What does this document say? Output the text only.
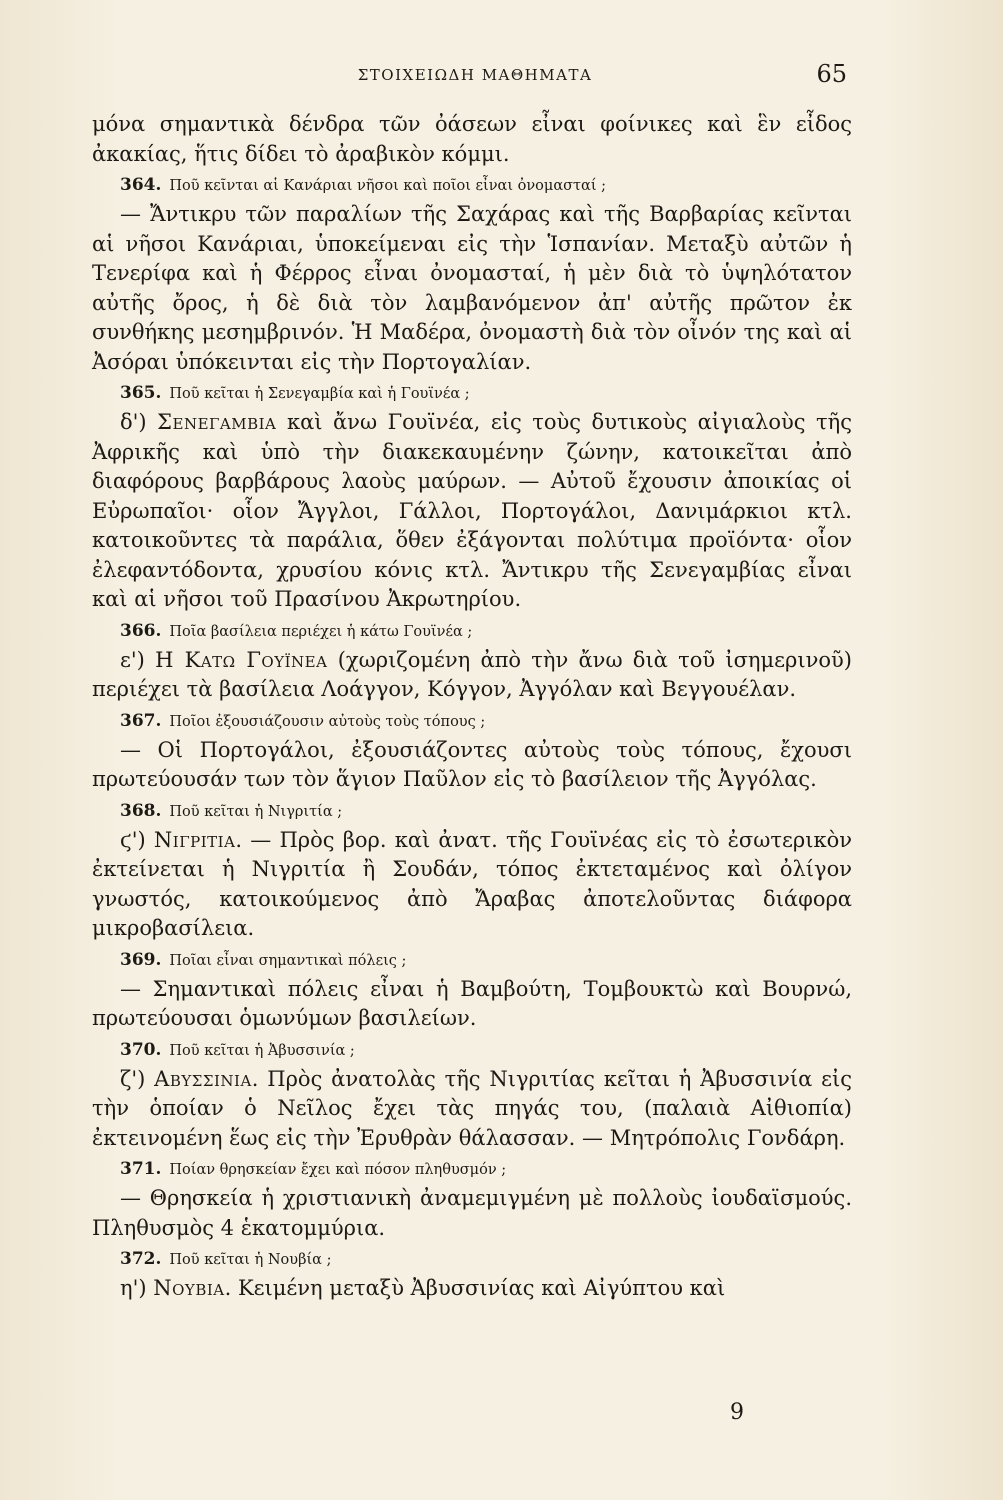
ΣΤΟΙΧΕΙΩΔΗ ΜΑΘΗΜΑΤΑ	65

μόνα σημαντικὰ δένδρα τῶν ὀάσεων εἶναι φοίνικες καὶ ἓν εἶδος ἀκακίας, ἥτις δίδει τὸ ἀραβικὸν κόμμι.

364. Ποῦ κεῖνται αἱ Κανάριαι νῆσοι καὶ ποῖοι εἶναι ὀνομασταί ;

— Ἄντικρυ τῶν παραλίων τῆς Σαχάρας καὶ τῆς Βαρβαρίας κεῖνται αἱ νῆσοι Κανάριαι, ὑποκείμεναι εἰς τὴν Ἱσπανίαν. Μεταξὺ αὐτῶν ἡ Τενερίφα καὶ ἡ Φέρρος εἶναι ὀνομασταί, ἡ μὲν διὰ τὸ ὑψηλότατον αὐτῆς ὄρος, ἡ δὲ διὰ τὸν λαμβανόμενον ἀπ' αὐτῆς πρῶτον ἐκ συνθήκης μεσημβρινόν. Ἡ Μαδέρα, ὀνομαστὴ διὰ τὸν οἶνόν της καὶ αἱ Ἀσόραι ὑπόκεινται εἰς τὴν Πορτογαλίαν.

365. Ποῦ κεῖται ἡ Σενεγαμβία καὶ ἡ Γουϊνέα ;

δ') Σενεγαμβια καὶ ἄνω Γουϊνέα, εἰς τοὺς δυτικοὺς αἰγιαλοὺς τῆς Ἀφρικῆς καὶ ὑπὸ τὴν διακεκαυμένην ζώνην, κατοικεῖται ἀπὸ διαφόρους βαρβάρους λαοὺς μαύρων. — Αὐτοῦ ἔχουσιν ἀποικίας οἱ Εὐρωπαῖοι· οἷον Ἄγγλοι, Γάλλοι, Πορτογάλοι, Δανιμάρκιοι κτλ. κατοικοῦντες τὰ παράλια, ὅθεν ἐξάγονται πολύτιμα προϊόντα· οἷον ἐλεφαντόδοντα, χρυσίου κόνις κτλ. Ἄντικρυ τῆς Σενεγαμβίας εἶναι καὶ αἱ νῆσοι τοῦ Πρασίνου Ἀκρωτηρίου.

366. Ποῖα βασίλεια περιέχει ἡ κάτω Γουϊνέα ;

ε') Η Κατω Γουϊνεα (χωριζομένη ἀπὸ τὴν ἄνω διὰ τοῦ ἰσημερινοῦ) περιέχει τὰ βασίλεια Λοάγγον, Κόγγον, Ἀγγόλαν καὶ Βεγγουέλαν.

367. Ποῖοι ἐξουσιάζουσιν αὐτοὺς τοὺς τόπους ;

— Οἱ Πορτογάλοι, ἐξουσιάζοντες αὐτοὺς τοὺς τόπους, ἔχουσι πρωτεύουσάν των τὸν ἅγιον Παῦλον εἰς τὸ βασίλειον τῆς Ἀγγόλας.

368. Ποῦ κεῖται ἡ Νιγριτία ;

ϛ') Νιγριτια. — Πρὸς βορ. καὶ ἀνατ. τῆς Γουϊνέας εἰς τὸ ἐσωτερικὸν ἐκτείνεται ἡ Νιγριτία ἢ Σουδάν, τόπος ἐκτεταμένος καὶ ὀλίγον γνωστός, κατοικούμενος ἀπὸ Ἄραβας ἀποτελοῦντας διάφορα μικροβασίλεια.

369. Ποῖαι εἶναι σημαντικαὶ πόλεις ;

— Σημαντικαὶ πόλεις εἶναι ἡ Βαμβούτη, Τομβουκτὼ καὶ Βουρνώ, πρωτεύουσαι ὁμωνύμων βασιλείων.

370. Ποῦ κεῖται ἡ Ἀβυσσινία ;

ζ') Αβυσσινια. Πρὸς ἀνατολὰς τῆς Νιγριτίας κεῖται ἡ Ἀβυσσινία εἰς τὴν ὁποίαν ὁ Νεῖλος ἔχει τὰς πηγάς του, (παλαιὰ Αἰθιοπία) ἐκτεινομένη ἕως εἰς τὴν Ἐρυθρὰν θάλασσαν. — Μητρόπολις Γονδάρη.

371. Ποίαν θρησκείαν ἔχει καὶ πόσον πληθυσμόν ;

— Θρησκεία ἡ χριστιανικὴ ἀναμεμιγμένη μὲ πολλοὺς ἰουδαϊσμούς. Πληθυσμὸς 4 ἑκατομμύρια.

372. Ποῦ κεῖται ἡ Νουβία ;

η') Νουβια. Κειμένη μεταξὺ Ἀβυσσινίας καὶ Αἰγύπτου καὶ

9
